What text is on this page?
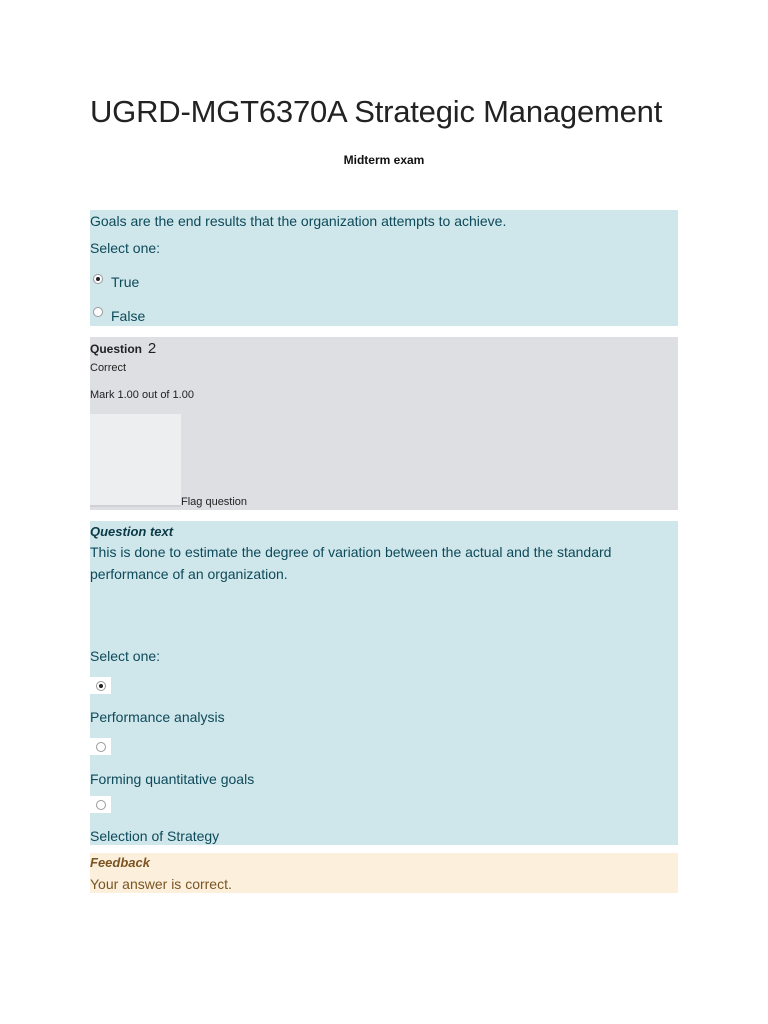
UGRD-MGT6370A Strategic Management
Midterm exam
Goals are the end results that the organization attempts to achieve.
Select one:
True
False
Question 2
Correct
Mark 1.00 out of 1.00
Flag question
Question text
This is done to estimate the degree of variation between the actual and the standard
performance of an organization.
Select one:
Performance analysis
Forming quantitative goals
Selection of Strategy
Feedback
Your answer is correct.
